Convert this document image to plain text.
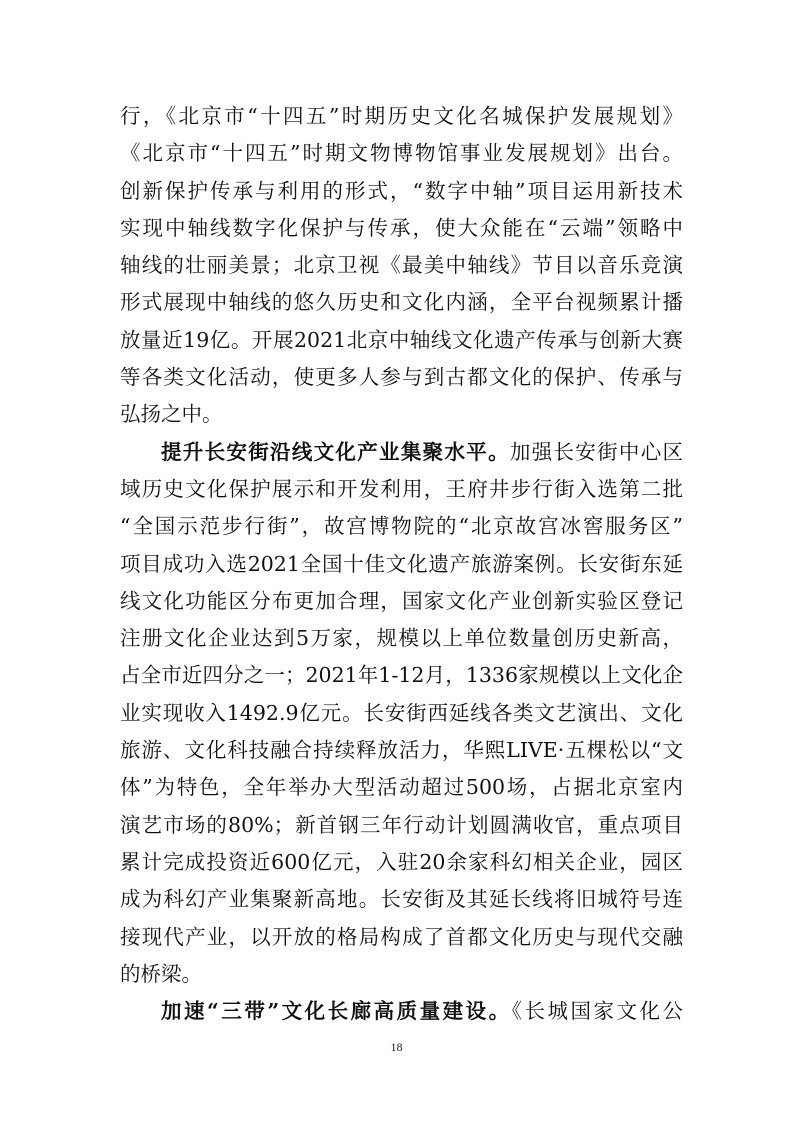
行，《北京市“十四五”时期历史文化名城保护发展规划》
《北京市“十四五”时期文物博物馆事业发展规划》出台。
创新保护传承与利用的形式，“数字中轴”项目运用新技术
实现中轴线数字化保护与传承，使大众能在“云端”领略中
轴线的壮丽美景；北京卫视《最美中轴线》节目以音乐竞演
形式展现中轴线的悠久历史和文化内涵，全平台视频累计播
放量近19亿。开展2021北京中轴线文化遗产传承与创新大赛
等各类文化活动，使更多人参与到古都文化的保护、传承与
弘扬之中。
提升长安街沿线文化产业集聚水平。加强长安街中心区
域历史文化保护展示和开发利用，王府井步行街入选第二批
“全国示范步行街”，故宫博物院的“北京故宫冰窖服务区”
项目成功入选2021全国十佳文化遗产旅游案例。长安街东延
线文化功能区分布更加合理，国家文化产业创新实验区登记
注册文化企业达到5万家，规模以上单位数量创历史新高，
占全市近四分之一；2021年1-12月，1336家规模以上文化企
业实现收入1492.9亿元。长安街西延线各类文艺演出、文化
旅游、文化科技融合持续释放活力，华熙LIVE·五棵松以“文
体”为特色，全年举办大型活动超过500场，占据北京室内
演艺市场的80%；新首钢三年行动计划圆满收官，重点项目
累计完成投资近600亿元，入驻20余家科幻相关企业，园区
成为科幻产业集聚新高地。长安街及其延长线将旧城符号连
接现代产业，以开放的格局构成了首都文化历史与现代交融
的桥梁。
加速“三带”文化长廊高质量建设。《长城国家文化公
18
